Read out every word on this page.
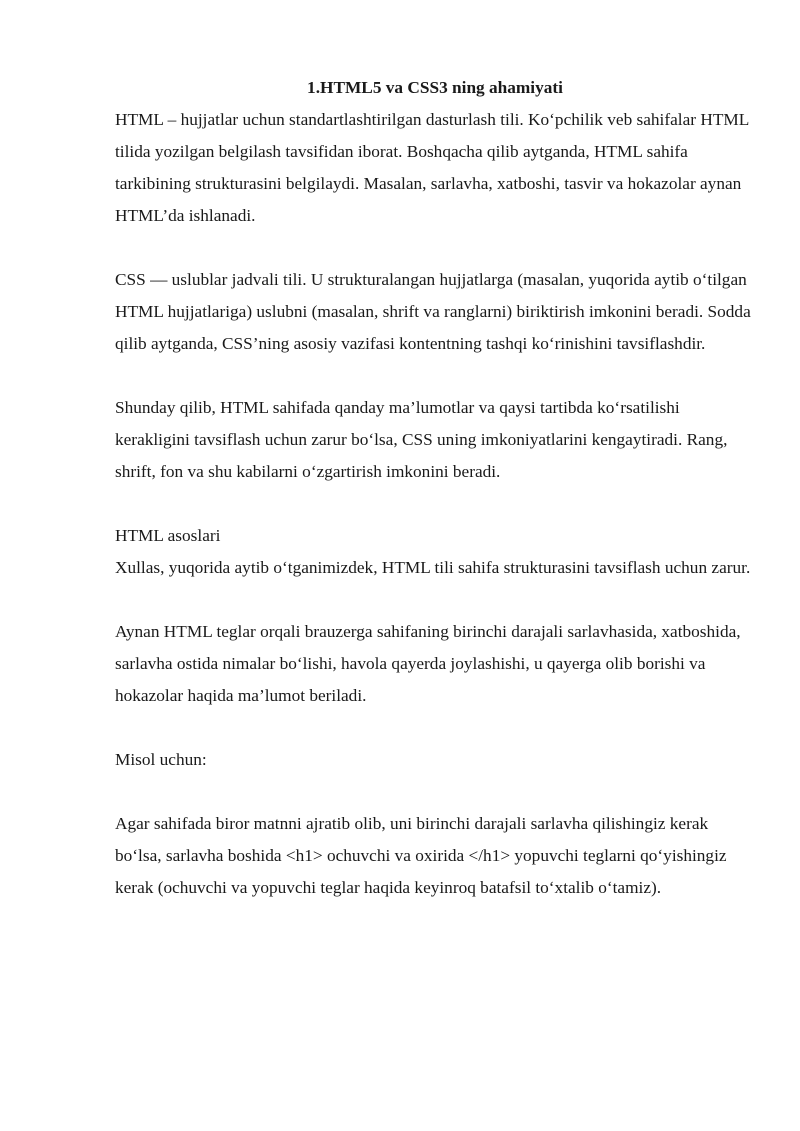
1.HTML5 va CSS3 ning ahamiyati

HTML – hujjatlar uchun standartlashtirilgan dasturlash tili. Ko‘pchilik veb sahifalar HTML tilida yozilgan belgilash tavsifidan iborat. Boshqacha qilib aytganda, HTML sahifa tarkibining strukturasini belgilaydi. Masalan, sarlavha, xatboshi, tasvir va hokazolar aynan HTML’da ishlanadi.

CSS — uslublar jadvali tili. U strukturalangan hujjatlarga (masalan, yuqorida aytib o‘tilgan HTML hujjatlariga) uslubni (masalan, shrift va ranglarni) biriktirish imkonini beradi. Sodda qilib aytganda, CSS’ning asosiy vazifasi kontentning tashqi ko‘rinishini tavsiflashdir.

Shunday qilib, HTML sahifada qanday ma’lumotlar va qaysi tartibda ko‘rsatilishi kerakligini tavsiflash uchun zarur bo‘lsa, CSS uning imkoniyatlarini kengaytiradi. Rang, shrift, fon va shu kabilarni o‘zgartirish imkonini beradi.

HTML asoslari

Xullas, yuqorida aytib o‘tganimizdek, HTML tili sahifa strukturasini tavsiflash uchun zarur.

Aynan HTML teglar orqali brauzerga sahifaning birinchi darajali sarlavhasida, xatboshida, sarlavha ostida nimalar bo‘lishi, havola qayerda joylashishi, u qayerga olib borishi va hokazolar haqida ma’lumot beriladi.

Misol uchun:

Agar sahifada biror matnni ajratib olib, uni birinchi darajali sarlavha qilishingiz kerak bo‘lsa, sarlavha boshida <h1> ochuvchi va oxirida </h1> yopuvchi teglarni qo‘yishingiz kerak (ochuvchi va yopuvchi teglar haqida keyinroq batafsil to‘xtalib o‘tamiz).
